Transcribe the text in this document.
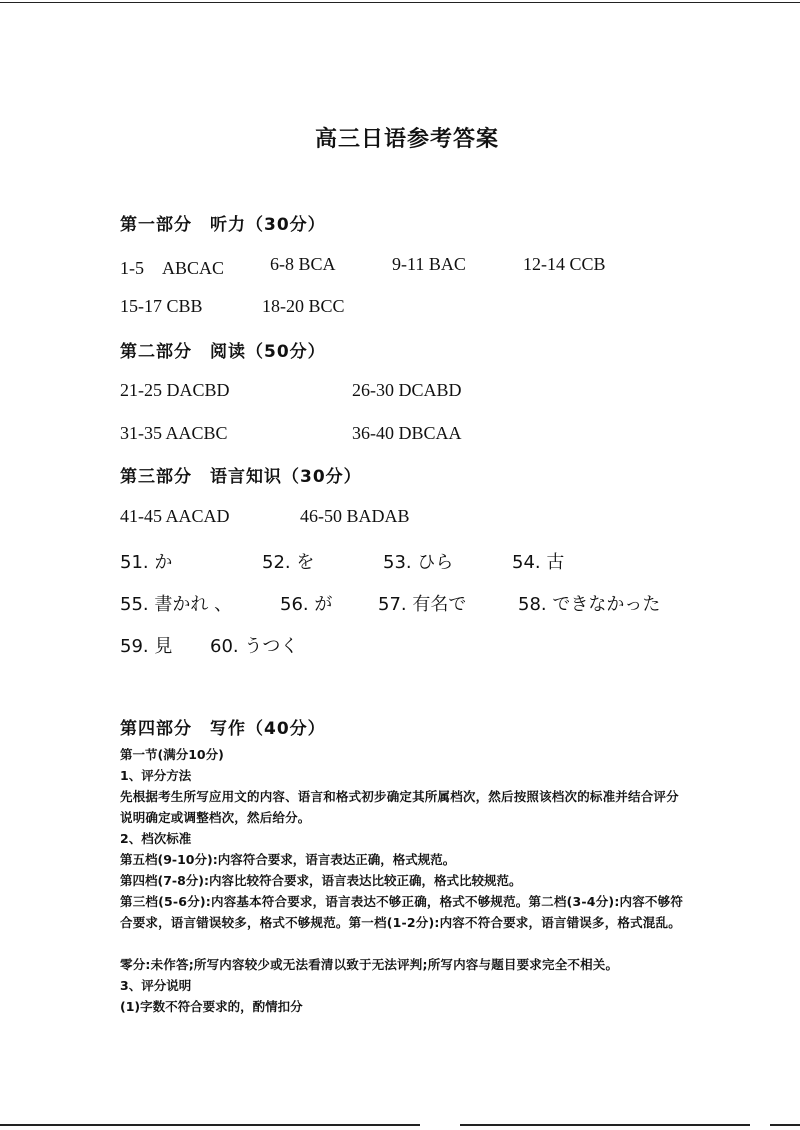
高三日语参考答案
第一部分　听力（30分）
1-5　ABCAC	6-8 BCA	9-11 BAC	12-14 CCB
15-17 CBB	18-20 BCC
第二部分　阅读（50分）
21-25 DACBD	26-30 DCABD
31-35 AACBC	36-40 DBCAA
第三部分　语言知识（30分）
41-45 AACAD	46-50 BADAB
51. か	52. を	53. ひら	54. 古
55. 書かれ 、	56. が	57. 有名で	58. できなかった
59. 見 60. うつく
第四部分　写作（40分）
第一节(满分10分)
1、评分方法
先根据考生所写应用文的内容、语言和格式初步确定其所属档次，然后按照该档次的标准并结合评分说明确定或调整档次，然后给分。
2、档次标准
第五档(9-10分):内容符合要求，语言表达正确，格式规范。
第四档(7-8分):内容比较符合要求，语言表达比较正确，格式比较规范。
第三档(5-6分):内容基本符合要求，语言表达不够正确，格式不够规范。第二档(3-4分):内容不够符合要求，语言错误较多，格式不够规范。第一档(1-2分):内容不符合要求，语言错误多，格式混乱。
零分:未作答;所写内容较少或无法看清以致于无法评判;所写内容与题目要求完全不相关。
3、评分说明
(1)字数不符合要求的，酌情扣分
